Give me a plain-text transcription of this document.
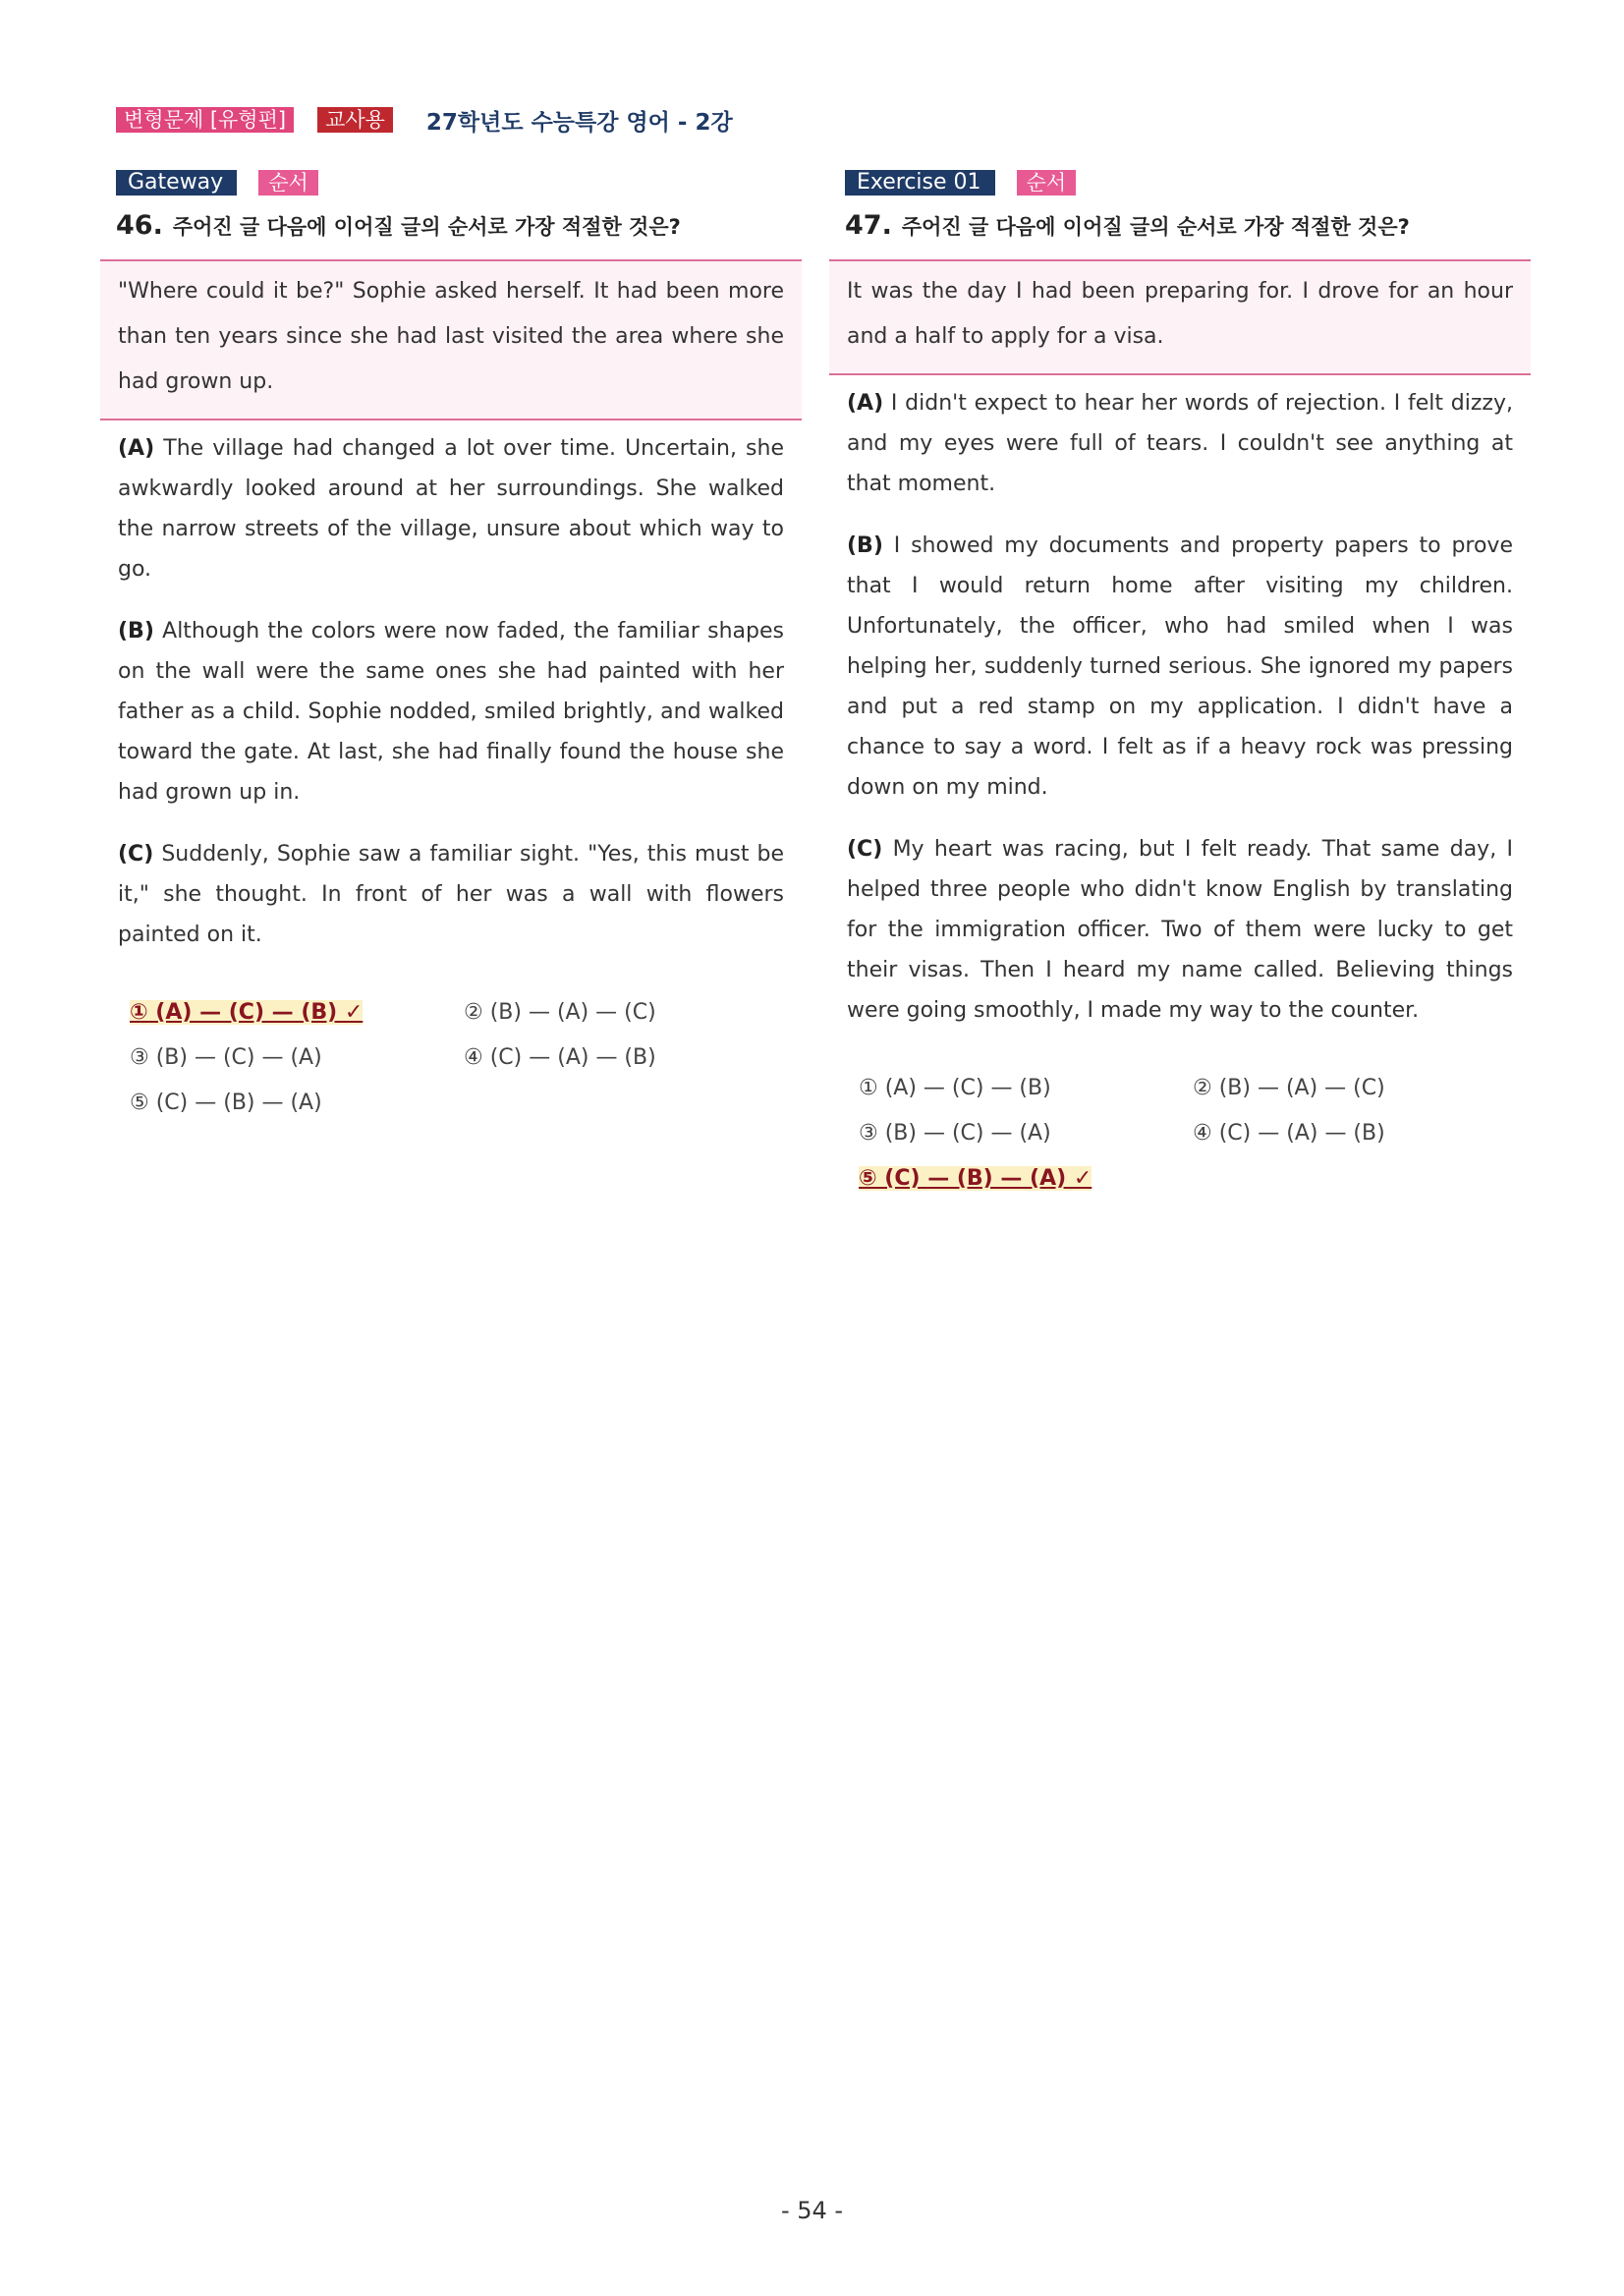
변형문제 [유형편]	교사용	27학년도 수능특강 영어 - 2강
Gateway	순서
46. 주어진 글 다음에 이어질 글의 순서로 가장 적절한 것은?
"Where could it be?" Sophie asked herself. It had been more than ten years since she had last visited the area where she had grown up.

(A) The village had changed a lot over time. Uncertain, she awkwardly looked around at her surroundings. She walked the narrow streets of the village, unsure about which way to go.

(B) Although the colors were now faded, the familiar shapes on the wall were the same ones she had painted with her father as a child. Sophie nodded, smiled brightly, and walked toward the gate. At last, she had finally found the house she had grown up in.

(C) Suddenly, Sophie saw a familiar sight. "Yes, this must be it," she thought. In front of her was a wall with flowers painted on it.

① (A) — (C) — (B) ✓	② (B) — (A) — (C)
③ (B) — (C) — (A)	④ (C) — (A) — (B)
⑤ (C) — (B) — (A)
Exercise 01	순서
47. 주어진 글 다음에 이어질 글의 순서로 가장 적절한 것은?
It was the day I had been preparing for. I drove for an hour and a half to apply for a visa.

(A) I didn't expect to hear her words of rejection. I felt dizzy, and my eyes were full of tears. I couldn't see anything at that moment.

(B) I showed my documents and property papers to prove that I would return home after visiting my children. Unfortunately, the officer, who had smiled when I was helping her, suddenly turned serious. She ignored my papers and put a red stamp on my application. I didn't have a chance to say a word. I felt as if a heavy rock was pressing down on my mind.

(C) My heart was racing, but I felt ready. That same day, I helped three people who didn't know English by translating for the immigration officer. Two of them were lucky to get their visas. Then I heard my name called. Believing things were going smoothly, I made my way to the counter.

① (A) — (C) — (B)	② (B) — (A) — (C)
③ (B) — (C) — (A)	④ (C) — (A) — (B)
⑤ (C) — (B) — (A) ✓
- 54 -
